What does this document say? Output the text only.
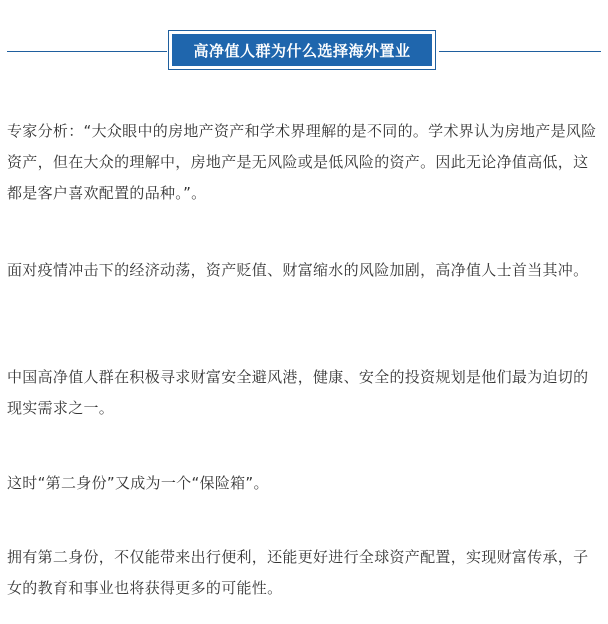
高净值人群为什么选择海外置业

专家分析：“大众眼中的房地产资产和学术界理解的是不同的。学术界认为房地产是风险资产，但在大众的理解中，房地产是无风险或是低风险的资产。因此无论净值高低，这都是客户喜欢配置的品种。”。

面对疫情冲击下的经济动荡，资产贬值、财富缩水的风险加剧，高净值人士首当其冲。

中国高净值人群在积极寻求财富安全避风港，健康、安全的投资规划是他们最为迫切的现实需求之一。

这时“第二身份”又成为一个“保险箱”。

拥有第二身份，不仅能带来出行便利，还能更好进行全球资产配置，实现财富传承，子女的教育和事业也将获得更多的可能性。
